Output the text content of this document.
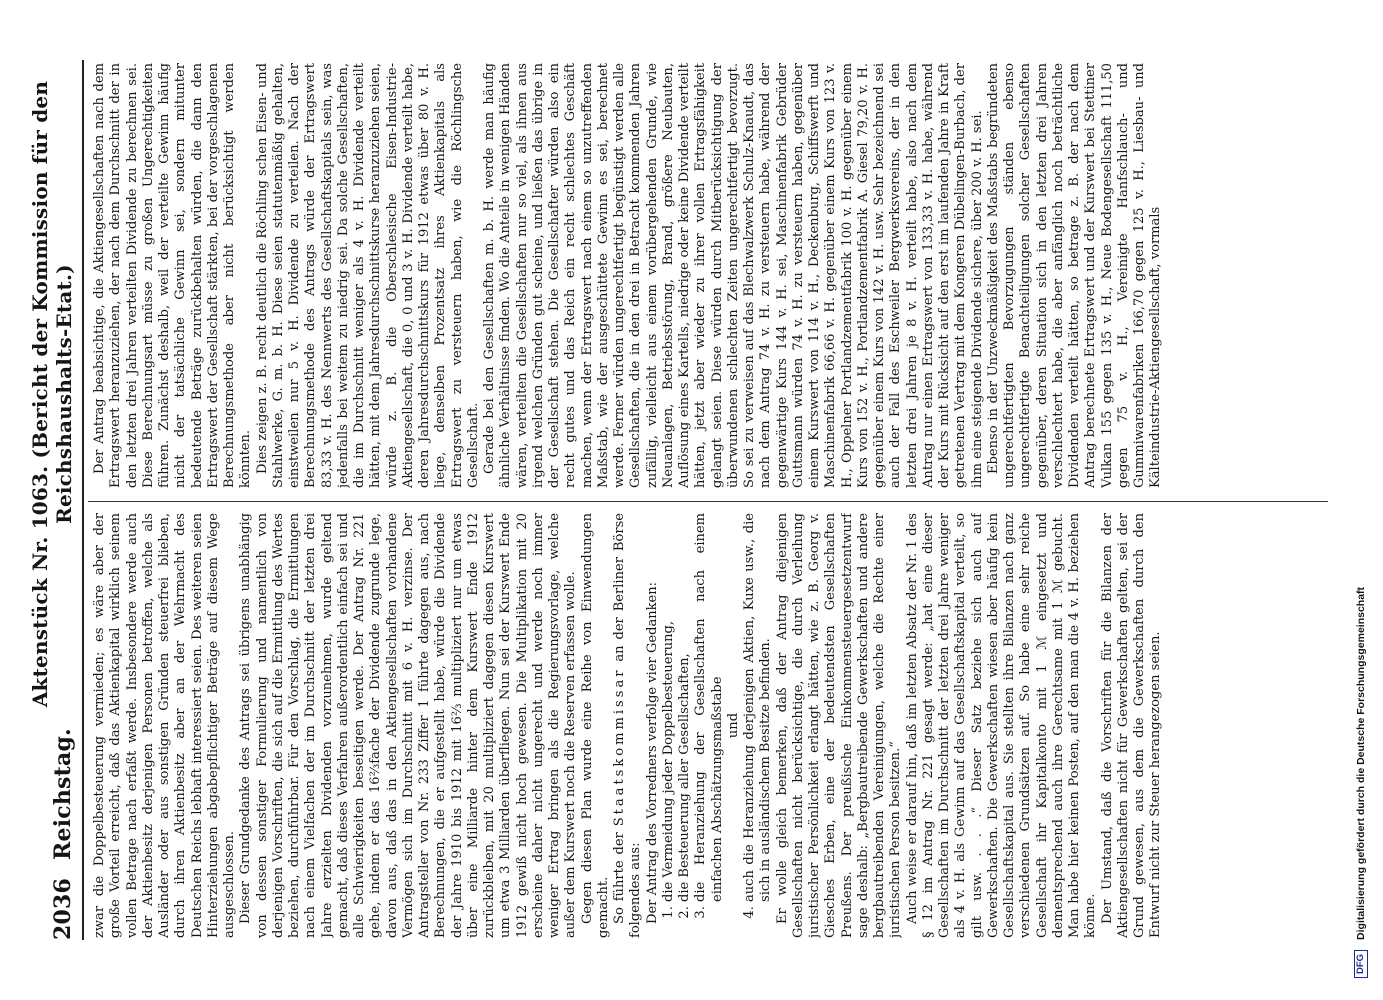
2036
Reichstag.
Aktenstück Nr. 1063. (Bericht der Kommission für den Reichshaushalts-Etat.)

zwar die Doppelbesteuerung vermieden; es wäre aber der große Vorteil erreicht, daß das Aktienkapital wirklich seinem vollen Betrage nach erfaßt werde. Insbesondere werde auch der Aktienbesitz derjenigen Personen betroffen, welche als Ausländer oder aus sonstigen Gründen steuerfrei blieben, durch ihren Aktienbesitz aber an der Wehrmacht des Deutschen Reichs lebhaft interessiert seien. Des weiteren seien Hinterziehungen abgabepflichtiger Beträge auf diesem Wege ausgeschlossen. Dieser Grundgedanke des Antrags sei übrigens unabhängig von dessen sonstiger Formulierung und namentlich von derjenigen Vorschriften, die sich auf die Ermittlung des Wertes beziehen, durchführbar. Für den Vorschlag, die Ermittlungen nach einem Vielfachen der im Durchschnitt der letzten drei Jahre erzielten Dividenden vorzunehmen, wurde geltend gemacht, daß dieses Verfahren außerordentlich einfach sei und alle Schwierigkeiten beseitigen werde. Der Antrag Nr. 221 gehe, indem er das 16⅔fache der Dividende zugrunde lege, davon aus, daß das in den Aktiengesellschaften vorhandene Vermögen sich im Durchschnitt mit 6 v. H. verzinse. Der Antragsteller von Nr. 233 Ziffer 1 führte dagegen aus, nach Berechnungen, die er aufgestellt habe, würde die Dividende der Jahre 1910 bis 1912 mit 16⅔ multipliziert nur um etwas über eine Milliarde hinter dem Kurswert Ende 1912 zurückbleiben, mit 20 multipliziert dagegen diesen Kurswert um etwa 3 Milliarden überfliegen. Nun sei der Kurswert Ende 1912 gewiß nicht hoch gewesen. Die Multiplikation mit 20 erscheine daher nicht ungerecht und werde noch immer weniger Ertrag bringen als die Regierungsvorlage, welche außer dem Kurswert noch die Reserven erfassen wolle. Gegen diesen Plan wurde eine Reihe von Einwendungen gemacht. So führte der Staatskommissar an der Berliner Börse folgendes aus: Der Antrag des Vorredners verfolge vier Gedanken: 1. die Vermeidung jeder Doppelbesteuerung, 2. die Besteuerung aller Gesellschaften, 3. die Heranziehung der Gesellschaften nach einem einfachen Abschätzungsmaßstabe und 4. auch die Heranziehung derjenigen Aktien, Kuxe usw., die sich in ausländischem Besitze befinden. Er wolle gleich bemerken, daß der Antrag diejenigen Gesellschaften nicht berücksichtige, die durch Verleihung juristischer Persönlichkeit erlangt hätten, wie z. B. Georg v. Giesches Erben, eine der bedeutendsten Gesellschaften Preußens. Der preußische Einkommensteuergesetzentwurf sage deshalb: „Bergbautreibende Gewerkschaften und andere bergbautreibenden Vereinigungen, welche die Rechte einer juristischen Person besitzen.“ Auch weise er darauf hin, daß im letzten Absatz der Nr. 1 des § 12 im Antrag Nr. 221 gesagt werde: „hat eine dieser Gesellschaften im Durchschnitt der letzten drei Jahre weniger als 4 v. H. als Gewinn auf das Gesellschaftskapital verteilt, so gilt usw. . . .“ Dieser Satz beziehe sich auch auf Gewerkschaften. Die Gewerkschaften wiesen aber häufig kein Gesellschaftskapital aus. Sie stellten ihre Bilanzen nach ganz verschiedenen Grundsätzen auf. So habe eine sehr reiche Gesellschaft ihr Kapitalkonto mit 1 ℳ eingesetzt und dementsprechend auch ihre Gerechtsame mit 1 ℳ gebucht. Man habe hier keinen Posten, auf den man die 4 v. H. beziehen könne. Der Umstand, daß die Vorschriften für die Bilanzen der Aktiengesellschaften nicht für Gewerkschaften gelten, sei der Grund gewesen, aus dem die Gewerkschaften durch den Entwurf nicht zur Steuer herangezogen seien.

Der Antrag beabsichtige, die Aktiengesellschaften nach dem Ertragswert heranzuziehen, der nach dem Durchschnitt der in den letzten drei Jahren verteilten Dividende zu berechnen sei. Diese Berechnungsart müsse zu großen Ungerechtigkeiten führen. Zunächst deshalb, weil der verteilte Gewinn häufig nicht der tatsächliche Gewinn sei, sondern mitunter bedeutende Beträge zurückbehalten würden, die dann den Ertragswert der Gesellschaft stärkten, bei der vorgeschlagenen Berechnungsmethode aber nicht berücksichtigt werden könnten. Dies zeigen z. B. recht deutlich die Röchling schen Eisen- und Stahlwerke, G. m. b. H. Diese seien statutenmäßig gehalten, einstweilen nur 5 v. H. Dividende zu verteilen. Nach der Berechnungsmethode des Antrags würde der Ertragswert 83,33 v. H. des Nennwerts des Gesellschaftskapitals sein, was jedenfalls bei weitem zu niedrig sei. Da solche Gesellschaften, die im Durchschnitt weniger als 4 v. H. Dividende verteilt hätten, mit dem Jahresdurchschnittskurse heranzuziehen seien, würde z. B. die Oberschlesische Eisen-Industrie-Aktiengesellschaft, die 0, 0 und 3 v. H. Dividende verteilt habe, deren Jahresdurchschnittskurs für 1912 etwas über 80 v. H. liege, denselben Prozentsatz ihres Aktienkapitals als Ertragswert zu versteuern haben, wie die Röchlingsche Gesellschaft. Gerade bei den Gesellschaften m. b. H. werde man häufig ähnliche Verhältnisse finden. Wo die Anteile in wenigen Händen wären, verteilten die Gesellschaften nur so viel, als ihnen aus irgend welchen Gründen gut scheine, und ließen das übrige in der Gesellschaft stehen. Die Gesellschafter würden also ein recht gutes und das Reich ein recht schlechtes Geschäft machen, wenn der Ertragswert nach einem so unzutreffenden Maßstab, wie der ausgeschüttete Gewinn es sei, berechnet werde. Ferner würden ungerechtfertigt begünstigt werden alle Gesellschaften, die in den drei in Betracht kommenden Jahren zufällig, vielleicht aus einem vorübergehenden Grunde, wie Neuanlagen, Betriebsstörung, Brand, größere Neubauten, Auflösung eines Kartells, niedrige oder keine Dividende verteilt hätten, jetzt aber wieder zu ihrer vollen Ertragsfähigkeit gelangt seien. Diese würden durch Mitberücksichtigung der überwundenen schlechten Zeiten ungerechtfertigt bevorzugt. So sei zu verweisen auf das Blechwalzwerk Schulz-Knaudt, das nach dem Antrag 74 v. H. zu versteuern habe, während der gegenwärtige Kurs 144 v. H. sei, Maschinenfabrik Gebrüder Guttsmann würden 74 v. H. zu versteuern haben, gegenüber einem Kurswert von 114 v. H., Deckenburg, Schiffswerft und Maschinenfabrik 66,66 v. H. gegenüber einem Kurs von 123 v. H., Oppelner Portlandzementfabrik 100 v. H. gegenüber einem Kurs von 152 v. H., Portlandzementfabrik A. Giesel 79,20 v. H. gegenüber einem Kurs von 142 v. H. usw. Sehr bezeichnend sei auch der Fall des Eschweiler Bergwerksvereins, der in den letzten drei Jahren je 8 v. H. verteilt habe, also nach dem Antrag nur einen Ertragswert von 133,33 v. H. habe, während der Kurs mit Rücksicht auf den erst im laufenden Jahre in Kraft getretenen Vertrag mit dem Kongeren Dübelingen-Burbach, der ihm eine steigende Dividende sichere, über 200 v. H. sei. Ebenso in der Unzweckmäßigkeit des Maßstabs begründeten ungerechtfertigten Bevorzugungen ständen ebenso ungerechtfertigte Benachteiligungen solcher Gesellschaften gegenüber, deren Situation sich in den letzten drei Jahren verschlechtert habe, die aber anfänglich noch beträchtliche Dividenden verteilt hätten, so betrage z. B. der nach dem Antrag berechnete Ertragswert und der Kurswert bei Stettiner Vulkan 155 gegen 135 v. H., Neue Bodengesellschaft 111,50 gegen 75 v. H., Vereinigte Hanfschlauch- und Gummiwarenfabriken 166,70 gegen 125 v. H., Liesbau- und Kälteindustrie-Aktiengesellschaft, vormals

DFG
Digitalisierung gefördert durch die Deutsche Forschungsgemeinschaft
